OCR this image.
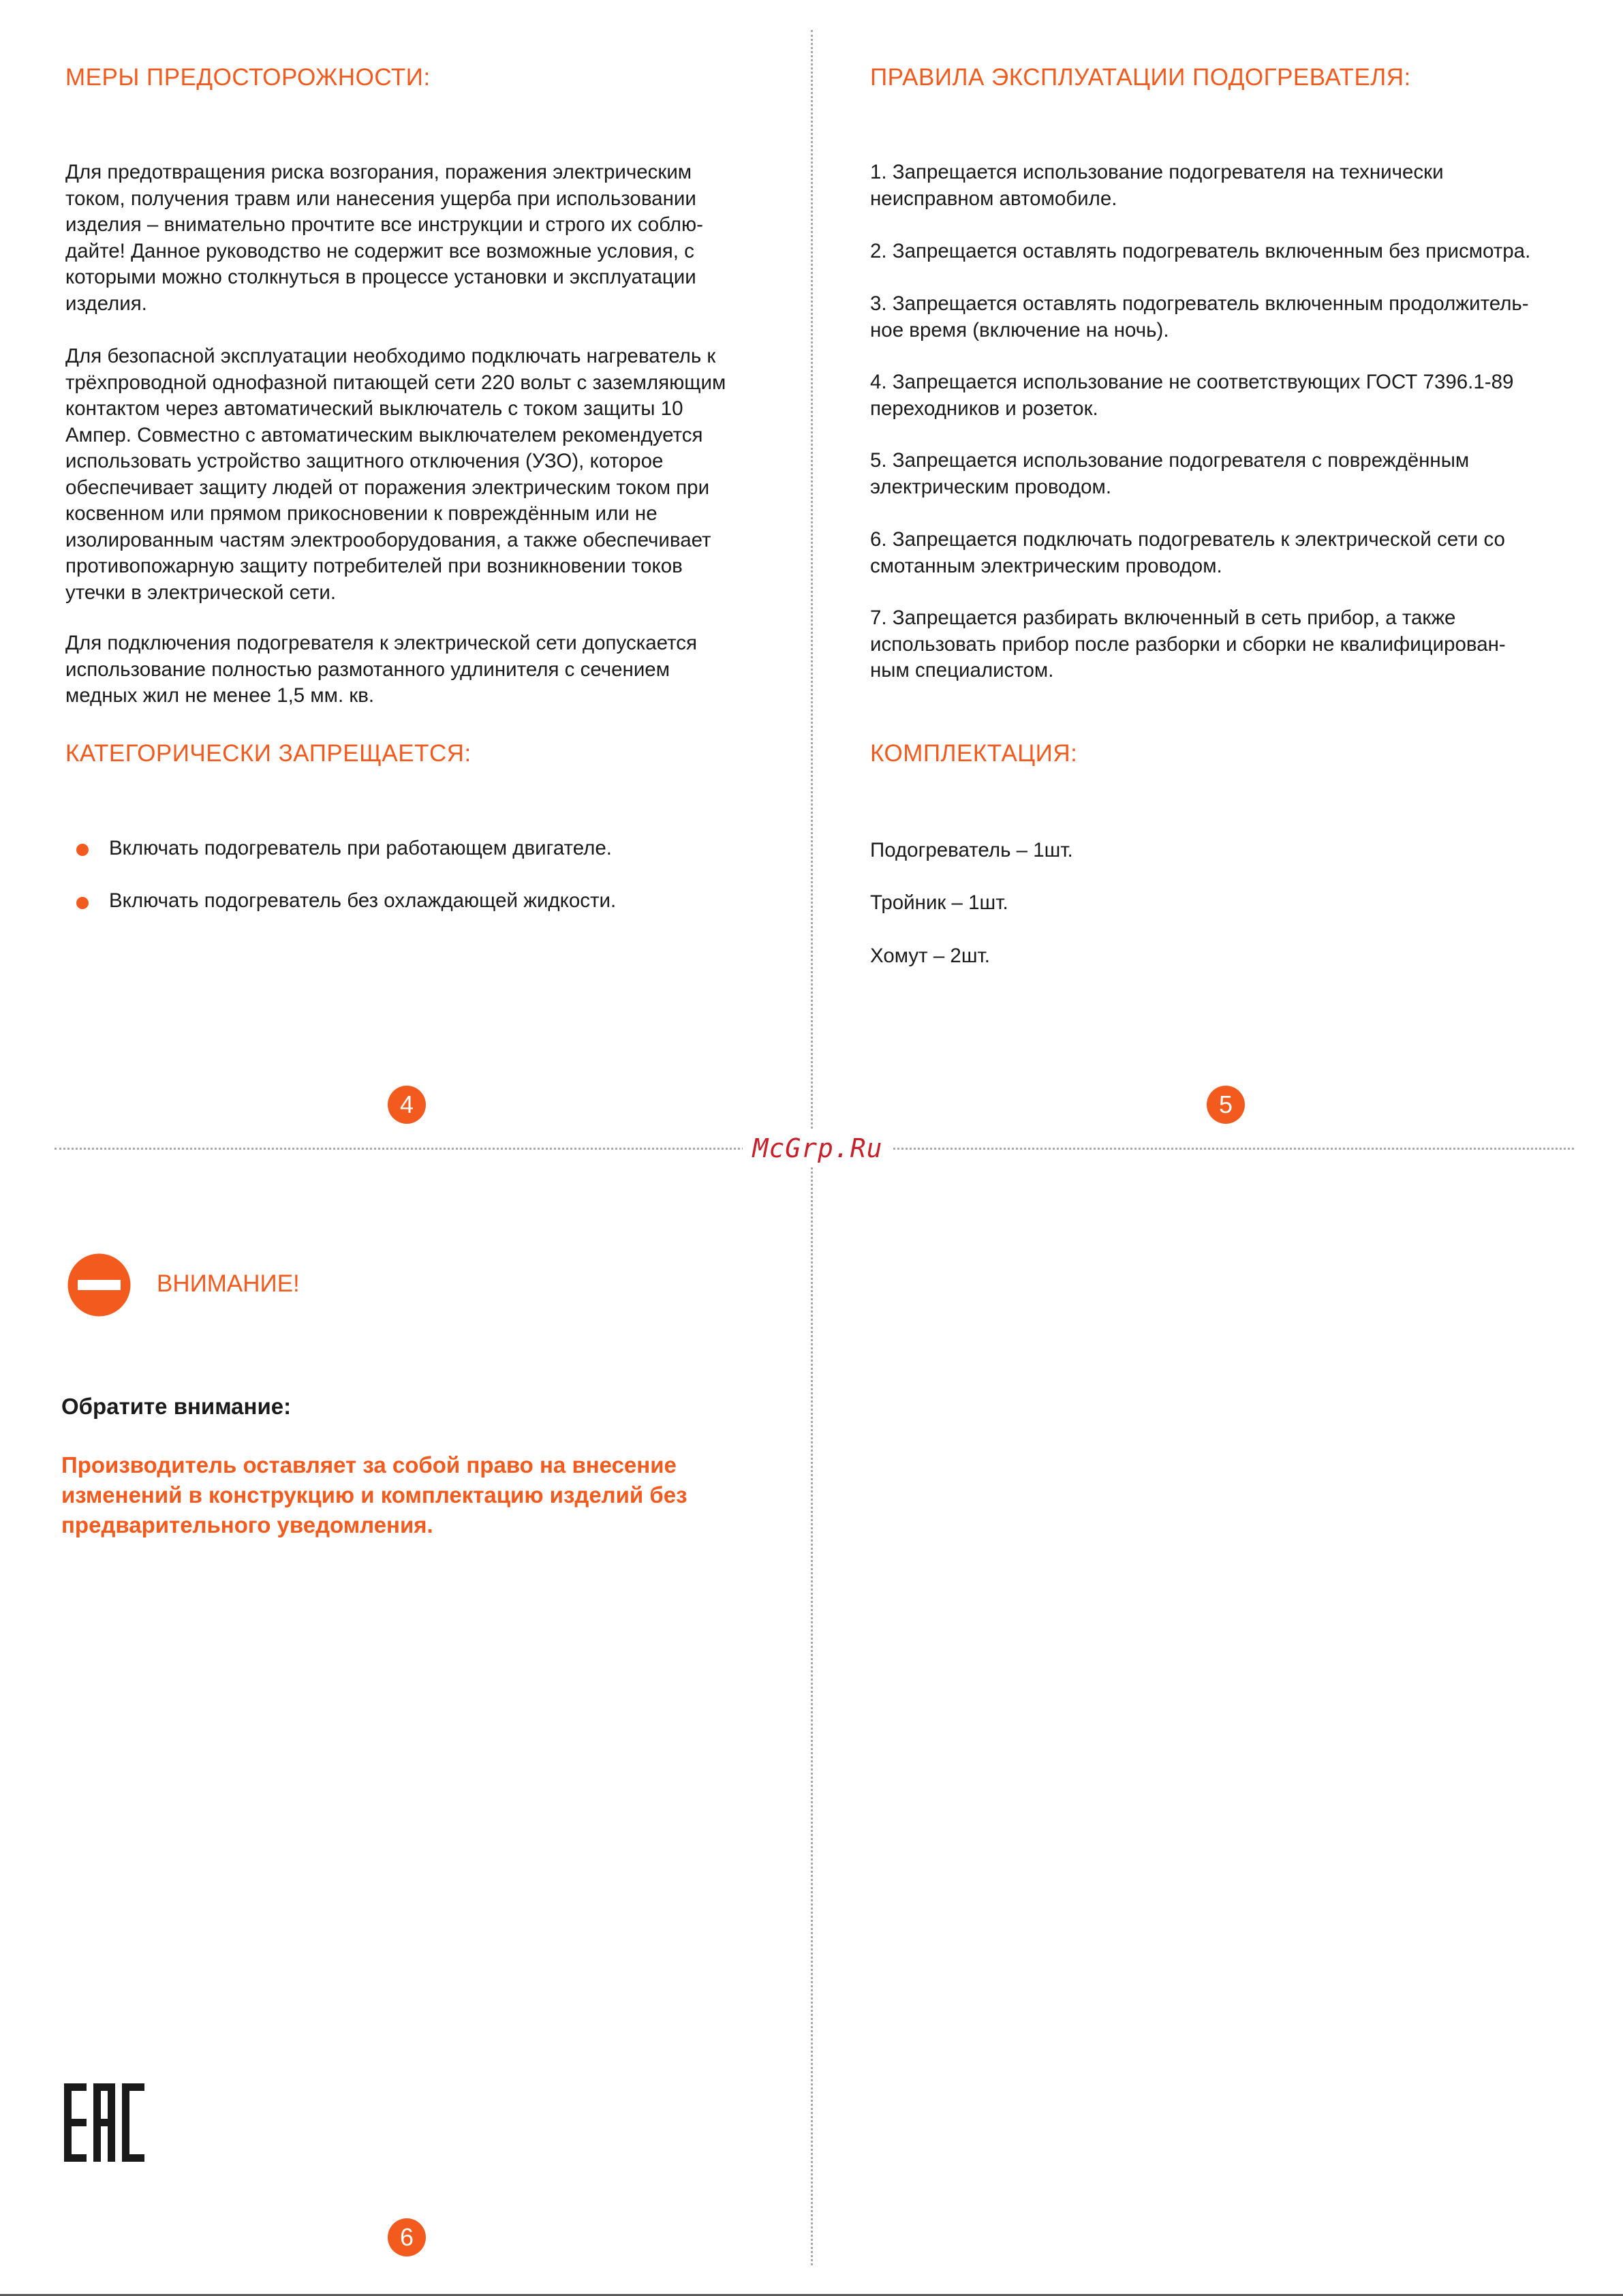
McGrp.Ru
МЕРЫ ПРЕДОСТОРОЖНОСТИ:
Для предотвращения риска возгорания, поражения электрическим
током, получения травм или нанесения ущерба при использовании
изделия – внимательно прочтите все инструкции и строго их соблю-
дайте! Данное руководство не содержит все возможные условия, с
которыми можно столкнуться в процессе установки и эксплуатации
изделия.
Для безопасной эксплуатации необходимо подключать нагреватель к
трёхпроводной однофазной питающей сети 220 вольт с заземляющим
контактом через автоматический выключатель с током защиты 10
Ампер. Совместно с автоматическим выключателем рекомендуется
использовать устройство защитного отключения (УЗО), которое
обеспечивает защиту людей от поражения электрическим током при
косвенном или прямом прикосновении к повреждённым или не
изолированным частям электрооборудования, а также обеспечивает
противопожарную защиту потребителей при возникновении токов
утечки в электрической сети.
Для подключения подогревателя к электрической сети допускается
использование полностью размотанного удлинителя с сечением
медных жил не менее 1,5 мм. кв.
КАТЕГОРИЧЕСКИ ЗАПРЕЩАЕТСЯ:
Включать подогреватель при работающем двигателе.
Включать подогреватель без охлаждающей жидкости.
4
ПРАВИЛА ЭКСПЛУАТАЦИИ ПОДОГРЕВАТЕЛЯ:
1. Запрещается использование подогревателя на технически
неисправном автомобиле.
2. Запрещается оставлять подогреватель включенным без присмотра.
3. Запрещается оставлять подогреватель включенным продолжитель-
ное время (включение на ночь).
4. Запрещается использование не соответствующих ГОСТ 7396.1-89
переходников и розеток.
5. Запрещается использование подогревателя с повреждённым
электрическим проводом.
6. Запрещается подключать подогреватель к электрической сети со
смотанным электрическим проводом.
7. Запрещается разбирать включенный в сеть прибор, а также
использовать прибор после разборки и сборки не квалифицирован-
ным специалистом.
КОМПЛЕКТАЦИЯ:
Подогреватель – 1шт.
Тройник – 1шт.
Хомут – 2шт.
5
ВНИМАНИЕ!
Обратите внимание:
Производитель оставляет за собой право на внесение
изменений в конструкцию и комплектацию изделий без
предварительного уведомления.
6
